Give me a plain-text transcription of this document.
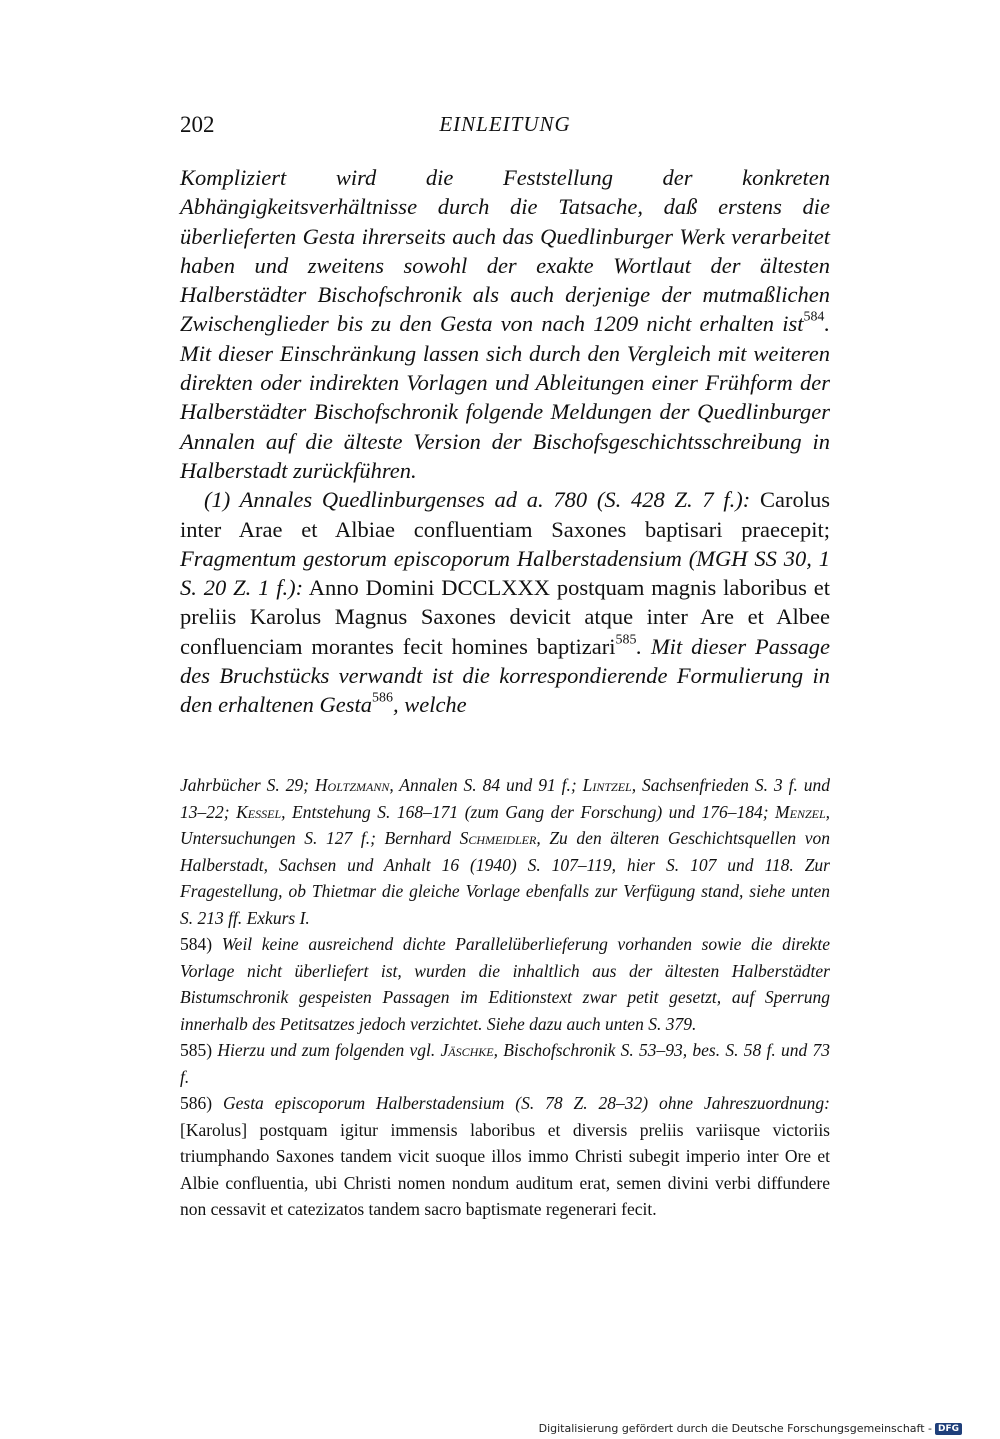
202	EINLEITUNG

Kompliziert wird die Feststellung der konkreten Abhängigkeitsverhältnisse durch die Tatsache, daß erstens die überlieferten Gesta ihrerseits auch das Quedlinburger Werk verarbeitet haben und zweitens sowohl der exakte Wortlaut der ältesten Halberstädter Bischofschronik als auch derjenige der mutmaßlichen Zwischenglieder bis zu den Gesta von nach 1209 nicht erhalten ist$^{584}$. Mit dieser Einschränkung lassen sich durch den Vergleich mit weiteren direkten oder indirekten Vorlagen und Ableitungen einer Frühform der Halberstädter Bischofschronik folgende Meldungen der Quedlinburger Annalen auf die älteste Version der Bischofsgeschichtsschreibung in Halberstadt zurückführen.

(1) Annales Quedlinburgenses ad a. 780 (S. 428 Z. 7 f.): Carolus inter Arae et Albiae confluentiam Saxones baptisari praecepit; Fragmentum gestorum episcoporum Halberstadensium (MGH SS 30, 1 S. 20 Z. 1 f.): Anno Domini DCCLXXX postquam magnis laboribus et preliis Karolus Magnus Saxones devicit atque inter Are et Albee confluenciam morantes fecit homines baptizari$^{585}$. Mit dieser Passage des Bruchstücks verwandt ist die korrespondierende Formulierung in den erhaltenen Gesta$^{586}$, welche

Jahrbücher S. 29; Holtzmann, Annalen S. 84 und 91 f.; Lintzel, Sachsenfrieden S. 3 f. und 13–22; Kessel, Entstehung S. 168–171 (zum Gang der Forschung) und 176–184; Menzel, Untersuchungen S. 127 f.; Bernhard Schmeidler, Zu den älteren Geschichtsquellen von Halberstadt, Sachsen und Anhalt 16 (1940) S. 107–119, hier S. 107 und 118. Zur Fragestellung, ob Thietmar die gleiche Vorlage ebenfalls zur Verfügung stand, siehe unten S. 213 ff. Exkurs I.

584) Weil keine ausreichend dichte Parallelüberlieferung vorhanden sowie die direkte Vorlage nicht überliefert ist, wurden die inhaltlich aus der ältesten Halberstädter Bistumschronik gespeisten Passagen im Editionstext zwar petit gesetzt, auf Sperrung innerhalb des Petitsatzes jedoch verzichtet. Siehe dazu auch unten S. 379.

585) Hierzu und zum folgenden vgl. Jäschke, Bischofschronik S. 53–93, bes. S. 58 f. und 73 f.

586) Gesta episcoporum Halberstadensium (S. 78 Z. 28–32) ohne Jahreszuordnung: [Karolus] postquam igitur immensis laboribus et diversis preliis variisque victoriis triumphando Saxones tandem vicit suoque illos immo Christi subegit imperio inter Ore et Albie confluentia, ubi Christi nomen nondum auditum erat, semen divini verbi diffundere non cessavit et catezizatos tandem sacro baptismate regenerari fecit.

Digitalisierung gefördert durch die Deutsche Forschungsgemeinschaft - DFG
